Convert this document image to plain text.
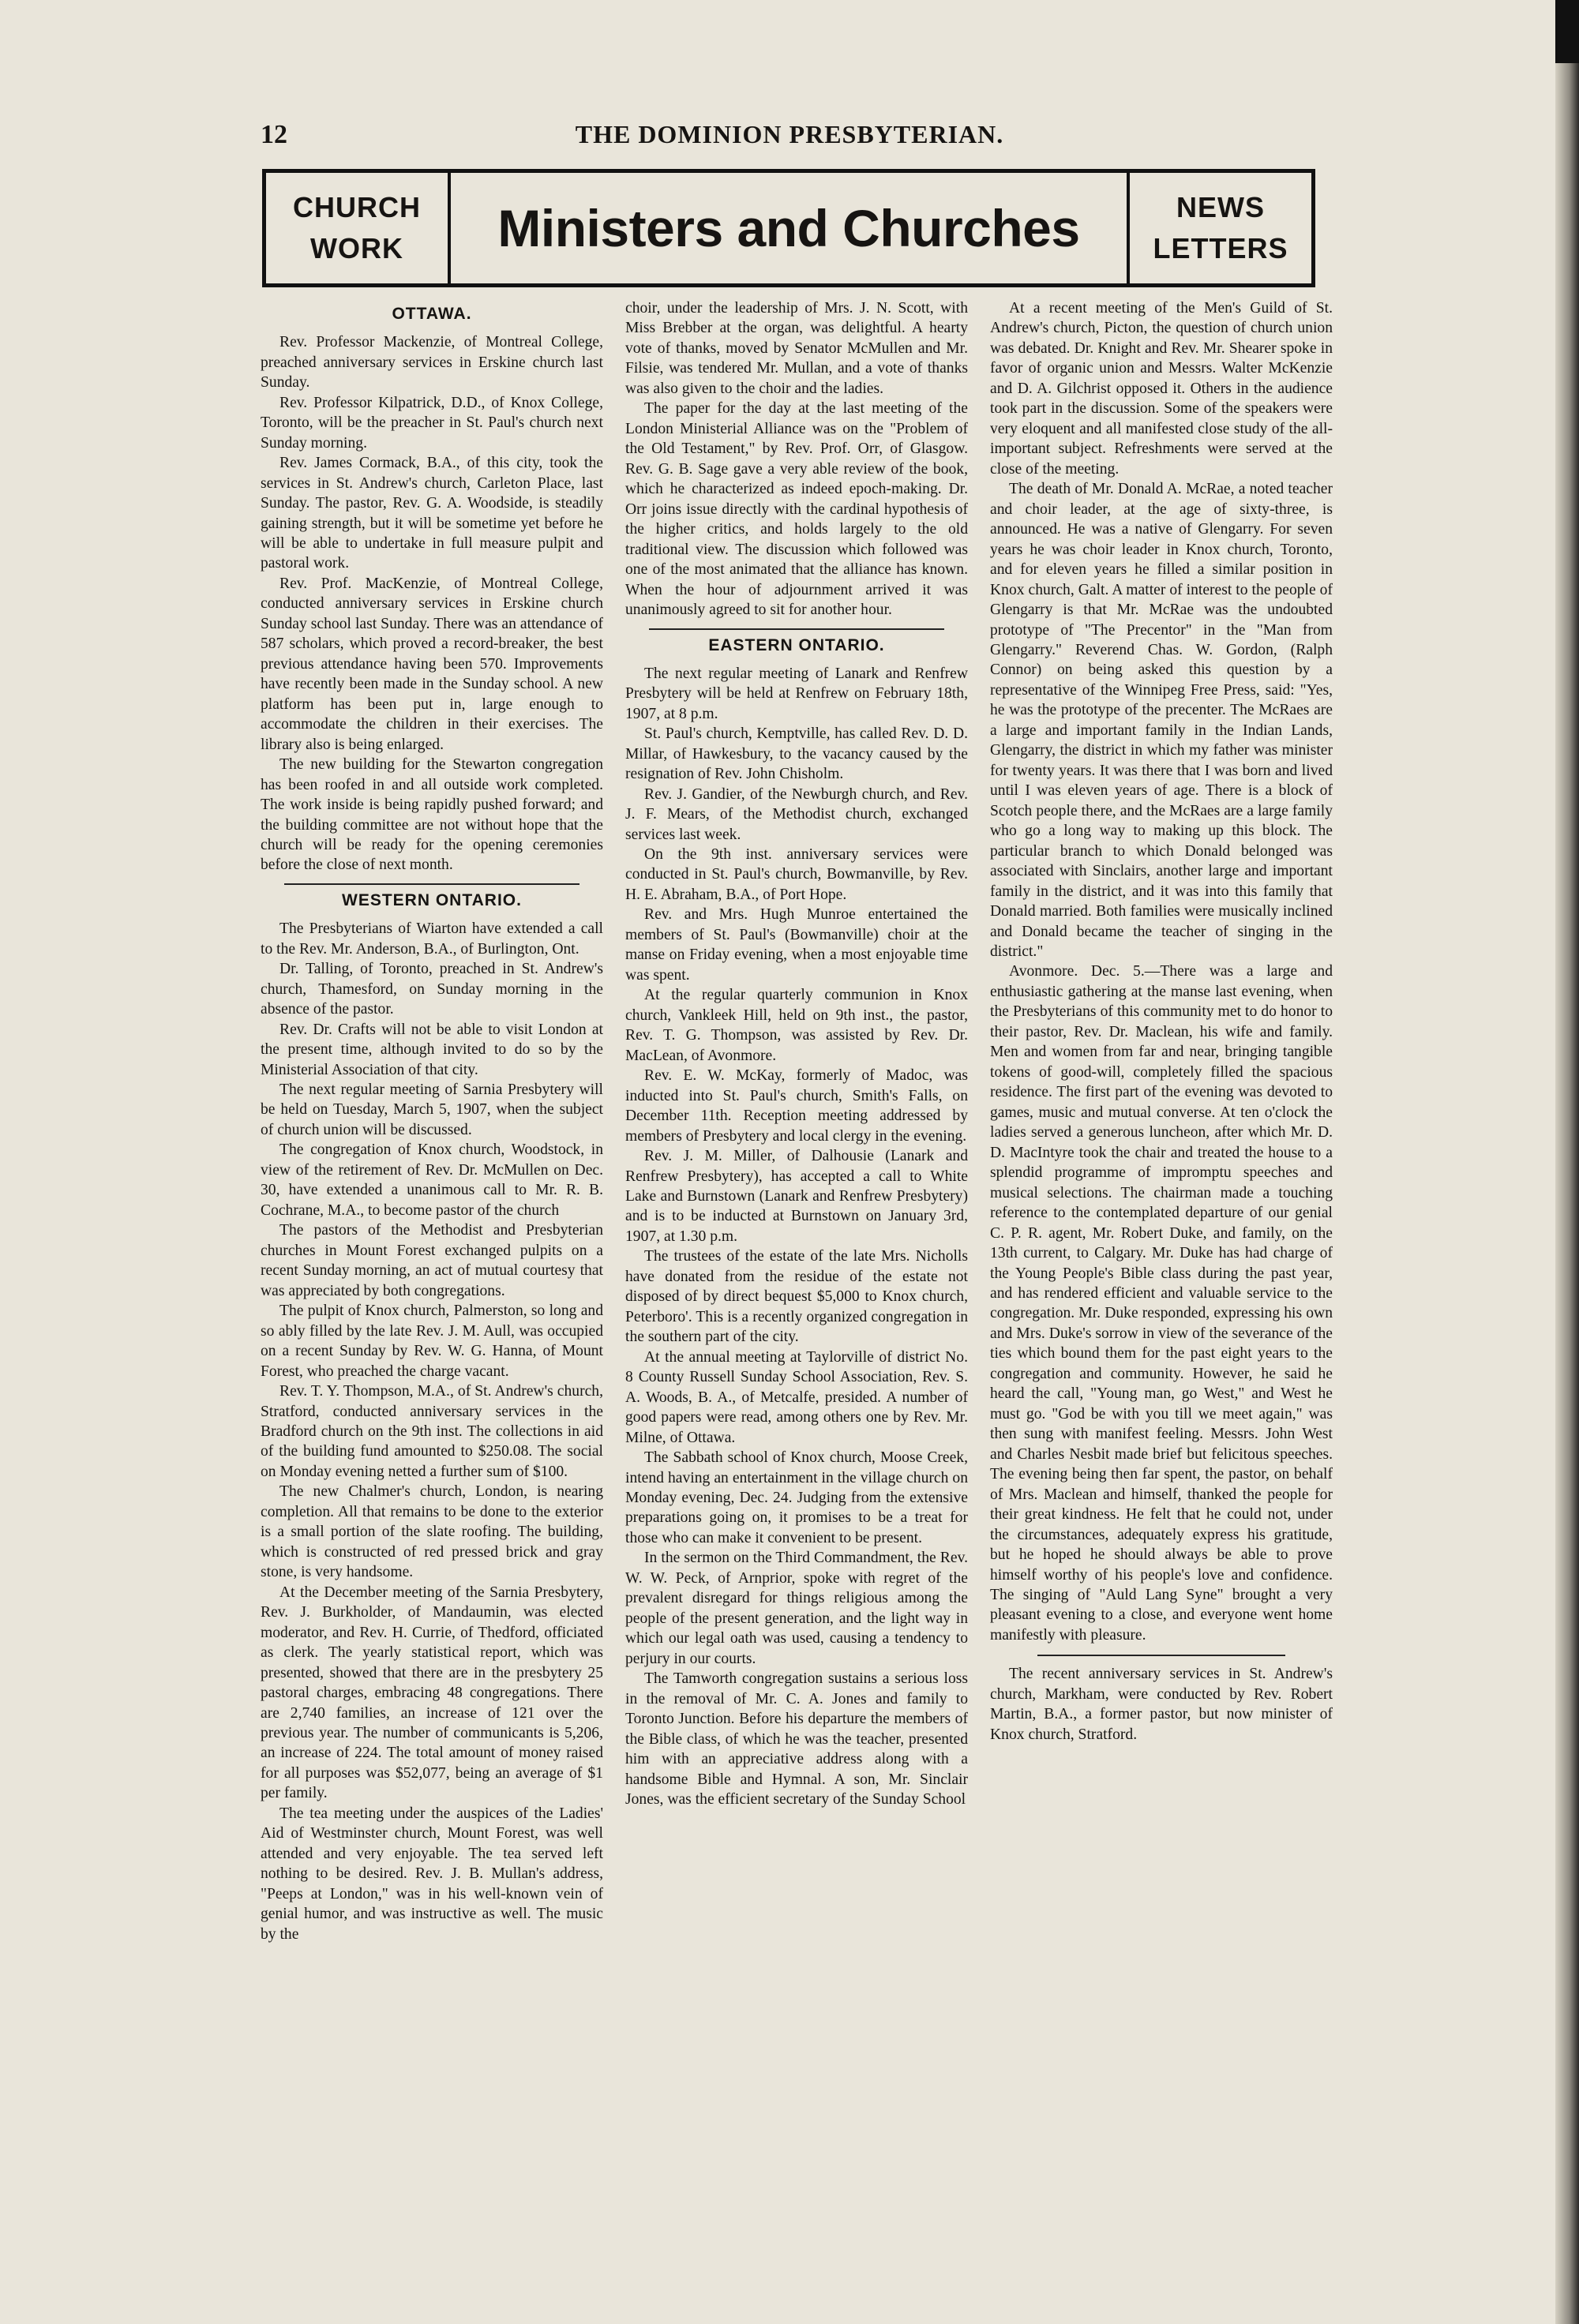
12	THE DOMINION PRESBYTERIAN.
CHURCH
WORK	Ministers and Churches	NEWS
LETTERS
OTTAWA.

Rev. Professor Mackenzie, of Montreal College, preached anniversary services in Erskine church last Sunday.

Rev. Professor Kilpatrick, D.D., of Knox College, Toronto, will be the preacher in St. Paul's church next Sunday morning.

Rev. James Cormack, B.A., of this city, took the services in St. Andrew's church, Carleton Place, last Sunday. The pastor, Rev. G. A. Woodside, is steadily gaining strength, but it will be sometime yet before he will be able to undertake in full measure pulpit and pastoral work.

Rev. Prof. MacKenzie, of Montreal College, conducted anniversary services in Erskine church Sunday school last Sunday. There was an attendance of 587 scholars, which proved a record-breaker, the best previous attendance having been 570. Improvements have recently been made in the Sunday school. A new platform has been put in, large enough to accommodate the children in their exercises. The library also is being enlarged.

The new building for the Stewarton congregation has been roofed in and all outside work completed. The work inside is being rapidly pushed forward; and the building committee are not without hope that the church will be ready for the opening ceremonies before the close of next month.

WESTERN ONTARIO.

The Presbyterians of Wiarton have extended a call to the Rev. Mr. Anderson, B.A., of Burlington, Ont.

Dr. Talling, of Toronto, preached in St. Andrew's church, Thamesford, on Sunday morning in the absence of the pastor.

Rev. Dr. Crafts will not be able to visit London at the present time, although invited to do so by the Ministerial Association of that city.

The next regular meeting of Sarnia Presbytery will be held on Tuesday, March 5, 1907, when the subject of church union will be discussed.

The congregation of Knox church, Woodstock, in view of the retirement of Rev. Dr. McMullen on Dec. 30, have extended a unanimous call to Mr. R. B. Cochrane, M.A., to become pastor of the church

The pastors of the Methodist and Presbyterian churches in Mount Forest exchanged pulpits on a recent Sunday morning, an act of mutual courtesy that was appreciated by both congregations.

The pulpit of Knox church, Palmerston, so long and so ably filled by the late Rev. J. M. Aull, was occupied on a recent Sunday by Rev. W. G. Hanna, of Mount Forest, who preached the charge vacant.

Rev. T. Y. Thompson, M.A., of St. Andrew's church, Stratford, conducted anniversary services in the Bradford church on the 9th inst. The collections in aid of the building fund amounted to $250.08. The social on Monday evening netted a further sum of $100.

The new Chalmer's church, London, is nearing completion. All that remains to be done to the exterior is a small portion of the slate roofing. The building, which is constructed of red pressed brick and gray stone, is very handsome.

At the December meeting of the Sarnia Presbytery, Rev. J. Burkholder, of Mandaumin, was elected moderator, and Rev. H. Currie, of Thedford, officiated as clerk. The yearly statistical report, which was presented, showed that there are in the presbytery 25 pastoral charges, embracing 48 congregations. There are 2,740 families, an increase of 121 over the previous year. The number of communicants is 5,206, an increase of 224. The total amount of money raised for all purposes was $52,077, being an average of $1 per family.

The tea meeting under the auspices of the Ladies' Aid of Westminster church, Mount Forest, was well attended and very enjoyable. The tea served left nothing to be desired. Rev. J. B. Mullan's address, "Peeps at London," was in his well-known vein of genial humor, and was instructive as well. The music by the

choir, under the leadership of Mrs. J. N. Scott, with Miss Brebber at the organ, was delightful. A hearty vote of thanks, moved by Senator McMullen and Mr. Filsie, was tendered Mr. Mullan, and a vote of thanks was also given to the choir and the ladies.

The paper for the day at the last meeting of the London Ministerial Alliance was on the "Problem of the Old Testament," by Rev. Prof. Orr, of Glasgow. Rev. G. B. Sage gave a very able review of the book, which he characterized as indeed epoch-making. Dr. Orr joins issue directly with the cardinal hypothesis of the higher critics, and holds largely to the old traditional view. The discussion which followed was one of the most animated that the alliance has known. When the hour of adjournment arrived it was unanimously agreed to sit for another hour.

EASTERN ONTARIO.

The next regular meeting of Lanark and Renfrew Presbytery will be held at Renfrew on February 18th, 1907, at 8 p.m.

St. Paul's church, Kemptville, has called Rev. D. D. Millar, of Hawkesbury, to the vacancy caused by the resignation of Rev. John Chisholm.

Rev. J. Gandier, of the Newburgh church, and Rev. J. F. Mears, of the Methodist church, exchanged services last week.

On the 9th inst. anniversary services were conducted in St. Paul's church, Bowmanville, by Rev. H. E. Abraham, B.A., of Port Hope.

Rev. and Mrs. Hugh Munroe entertained the members of St. Paul's (Bowmanville) choir at the manse on Friday evening, when a most enjoyable time was spent.

At the regular quarterly communion in Knox church, Vankleek Hill, held on 9th inst., the pastor, Rev. T. G. Thompson, was assisted by Rev. Dr. MacLean, of Avonmore.

Rev. E. W. McKay, formerly of Madoc, was inducted into St. Paul's church, Smith's Falls, on December 11th. Reception meeting addressed by members of Presbytery and local clergy in the evening.

Rev. J. M. Miller, of Dalhousie (Lanark and Renfrew Presbytery), has accepted a call to White Lake and Burnstown (Lanark and Renfrew Presbytery) and is to be inducted at Burnstown on January 3rd, 1907, at 1.30 p.m.

The trustees of the estate of the late Mrs. Nicholls have donated from the residue of the estate not disposed of by direct bequest $5,000 to Knox church, Peterboro'. This is a recently organized congregation in the southern part of the city.

At the annual meeting at Taylorville of district No. 8 County Russell Sunday School Association, Rev. S. A. Woods, B. A., of Metcalfe, presided. A number of good papers were read, among others one by Rev. Mr. Milne, of Ottawa.

The Sabbath school of Knox church, Moose Creek, intend having an entertainment in the village church on Monday evening, Dec. 24. Judging from the extensive preparations going on, it promises to be a treat for those who can make it convenient to be present.

In the sermon on the Third Commandment, the Rev. W. W. Peck, of Arnprior, spoke with regret of the prevalent disregard for things religious among the people of the present generation, and the light way in which our legal oath was used, causing a tendency to perjury in our courts.

The Tamworth congregation sustains a serious loss in the removal of Mr. C. A. Jones and family to Toronto Junction. Before his departure the members of the Bible class, of which he was the teacher, presented him with an appreciative address along with a handsome Bible and Hymnal. A son, Mr. Sinclair Jones, was the efficient secretary of the Sunday School

At a recent meeting of the Men's Guild of St. Andrew's church, Picton, the question of church union was debated. Dr. Knight and Rev. Mr. Shearer spoke in favor of organic union and Messrs. Walter McKenzie and D. A. Gilchrist opposed it. Others in the audience took part in the discussion. Some of the speakers were very eloquent and all manifested close study of the all-important subject. Refreshments were served at the close of the meeting.

The death of Mr. Donald A. McRae, a noted teacher and choir leader, at the age of sixty-three, is announced. He was a native of Glengarry. For seven years he was choir leader in Knox church, Toronto, and for eleven years he filled a similar position in Knox church, Galt. A matter of interest to the people of Glengarry is that Mr. McRae was the undoubted prototype of "The Precentor" in the "Man from Glengarry." Reverend Chas. W. Gordon, (Ralph Connor) on being asked this question by a representative of the Winnipeg Free Press, said: "Yes, he was the prototype of the precenter. The McRaes are a large and important family in the Indian Lands, Glengarry, the district in which my father was minister for twenty years. It was there that I was born and lived until I was eleven years of age. There is a block of Scotch people there, and the McRaes are a large family who go a long way to making up this block. The particular branch to which Donald belonged was associated with Sinclairs, another large and important family in the district, and it was into this family that Donald married. Both families were musically inclined and Donald became the teacher of singing in the district."

Avonmore. Dec. 5.—There was a large and enthusiastic gathering at the manse last evening, when the Presbyterians of this community met to do honor to their pastor, Rev. Dr. Maclean, his wife and family. Men and women from far and near, bringing tangible tokens of good-will, completely filled the spacious residence. The first part of the evening was devoted to games, music and mutual converse. At ten o'clock the ladies served a generous luncheon, after which Mr. D. D. MacIntyre took the chair and treated the house to a splendid programme of impromptu speeches and musical selections. The chairman made a touching reference to the contemplated departure of our genial C. P. R. agent, Mr. Robert Duke, and family, on the 13th current, to Calgary. Mr. Duke has had charge of the Young People's Bible class during the past year, and has rendered efficient and valuable service to the congregation. Mr. Duke responded, expressing his own and Mrs. Duke's sorrow in view of the severance of the ties which bound them for the past eight years to the congregation and community. However, he said he heard the call, "Young man, go West," and West he must go. "God be with you till we meet again," was then sung with manifest feeling. Messrs. John West and Charles Nesbit made brief but felicitous speeches. The evening being then far spent, the pastor, on behalf of Mrs. Maclean and himself, thanked the people for their great kindness. He felt that he could not, under the circumstances, adequately express his gratitude, but he hoped he should always be able to prove himself worthy of his people's love and confidence. The singing of "Auld Lang Syne" brought a very pleasant evening to a close, and everyone went home manifestly with pleasure.

The recent anniversary services in St. Andrew's church, Markham, were conducted by Rev. Robert Martin, B.A., a former pastor, but now minister of Knox church, Stratford.
